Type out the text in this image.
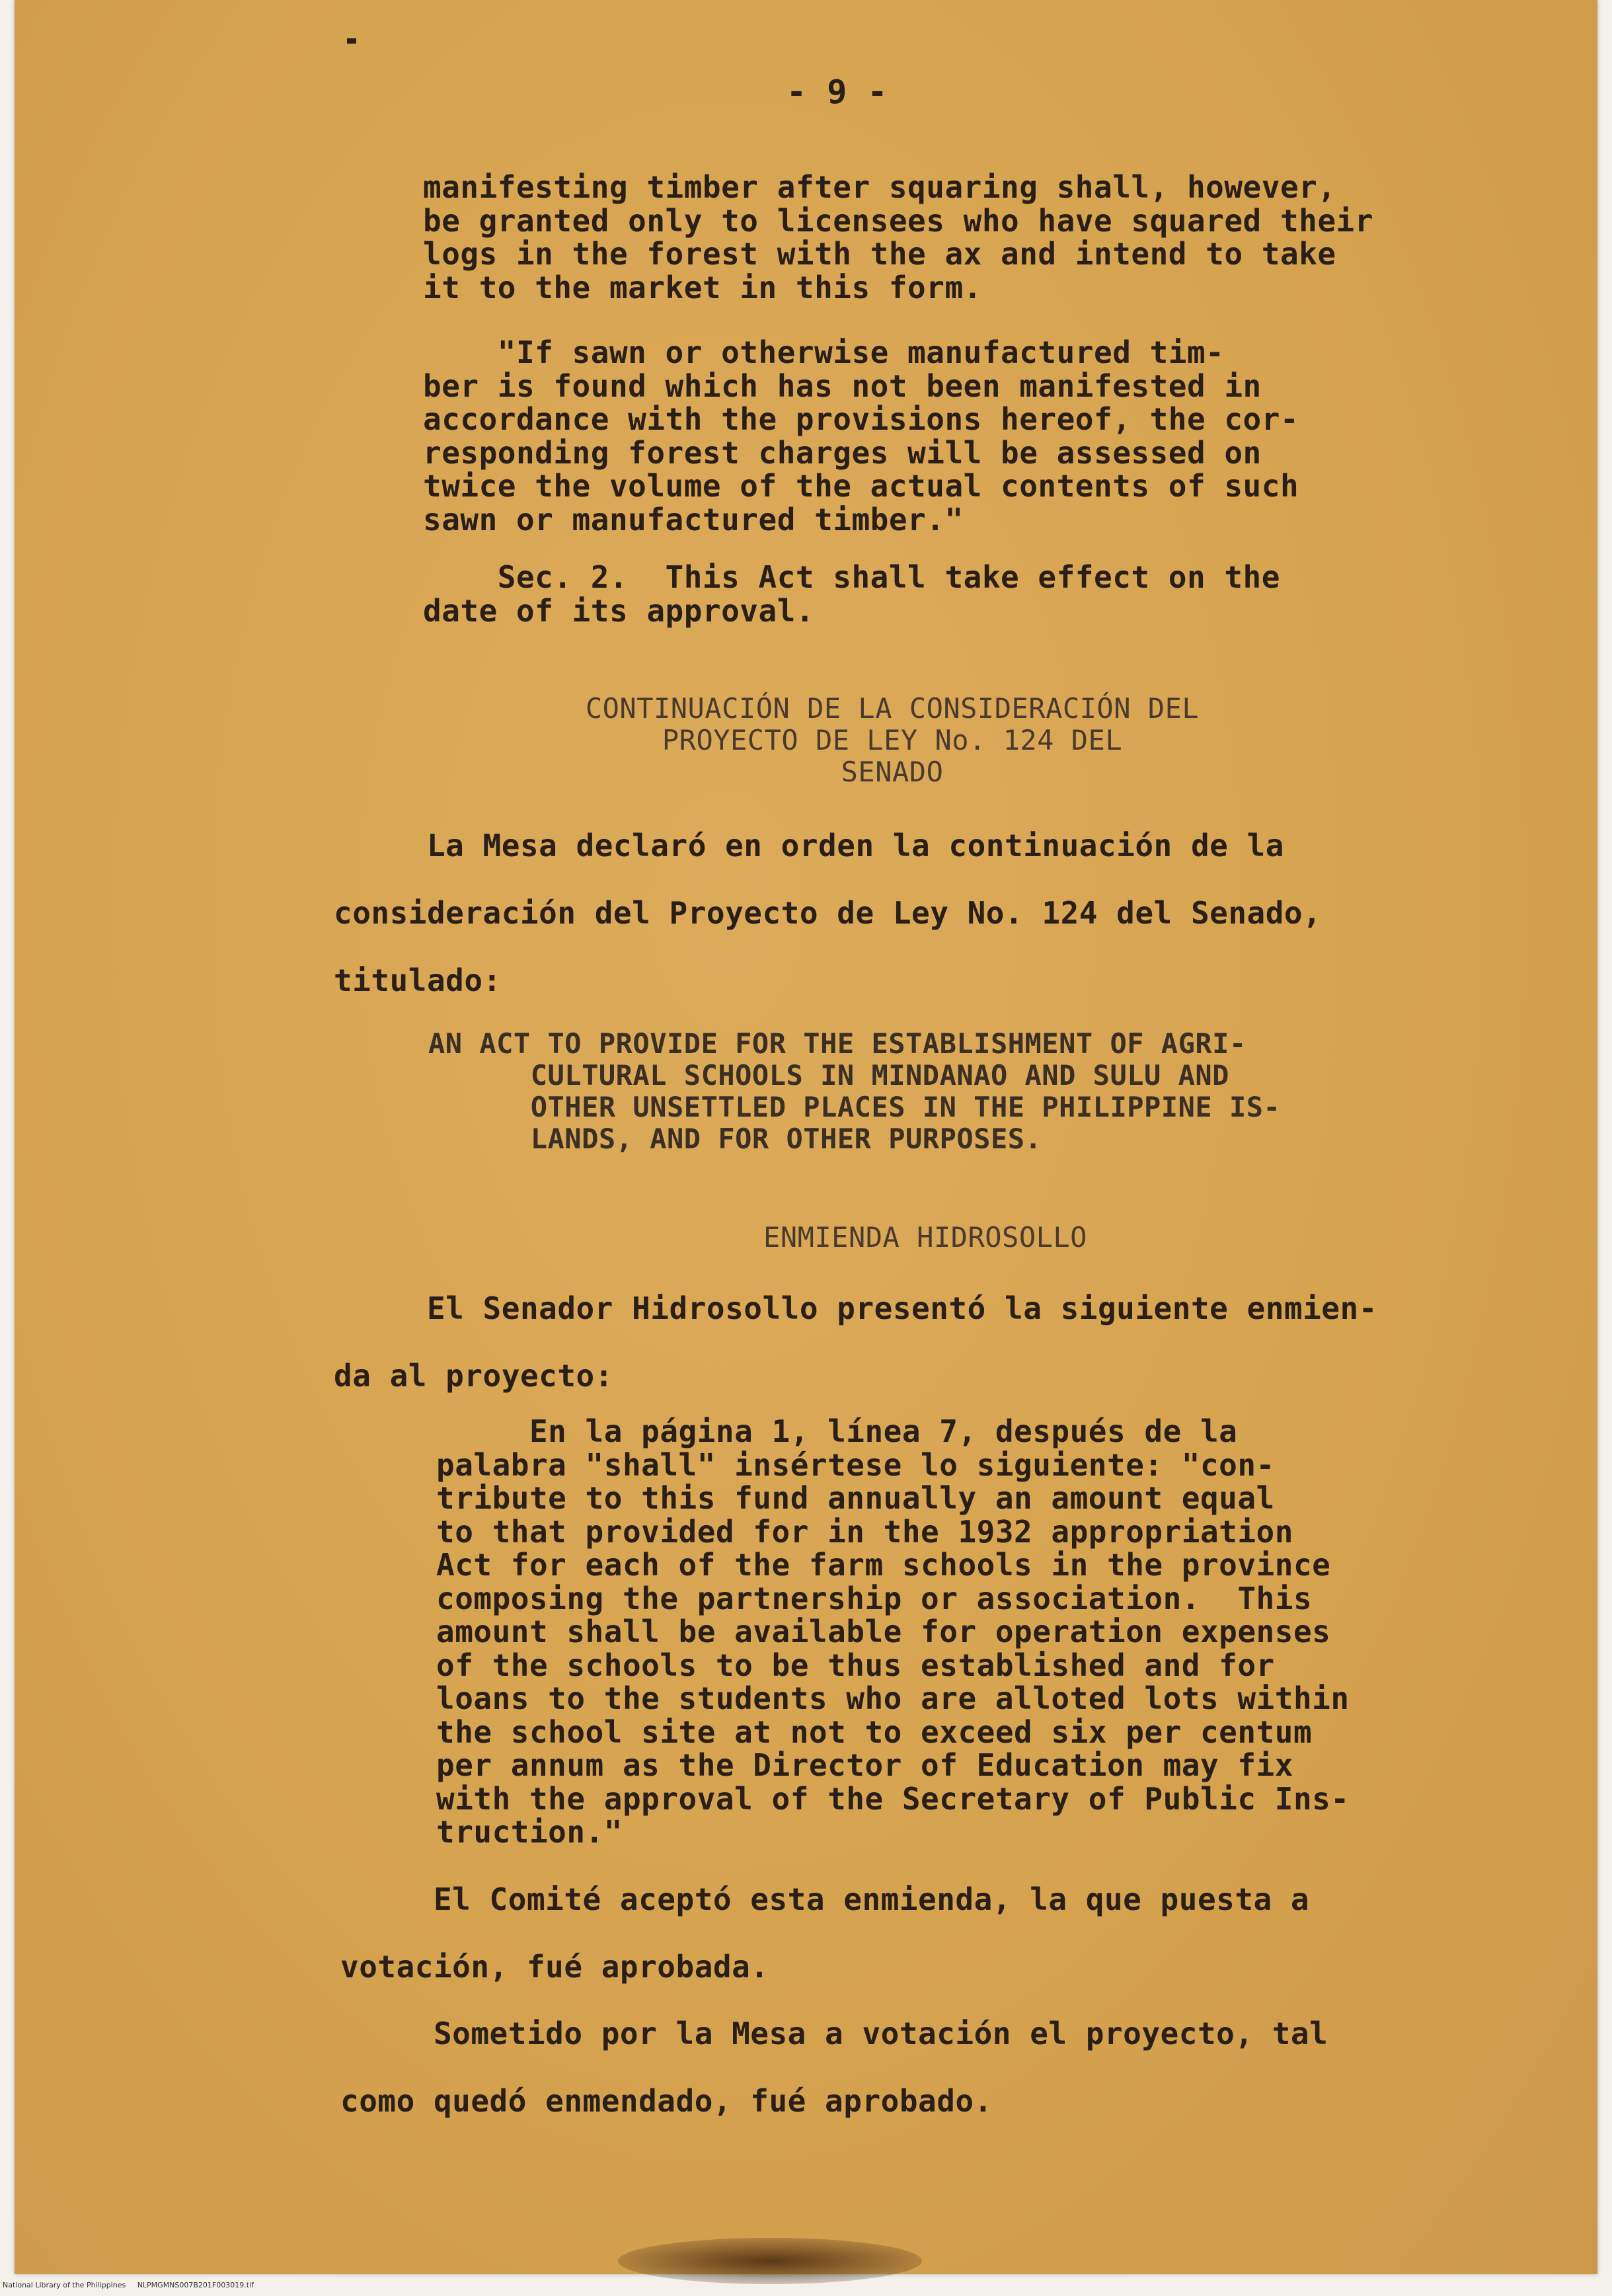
- 9 -
manifesting timber after squaring shall, however,
be granted only to licensees who have squared their
logs in the forest with the ax and intend to take
it to the market in this form.
"If sawn or otherwise manufactured tim-
ber is found which has not been manifested in
accordance with the provisions hereof, the cor-
responding forest charges will be assessed on
twice the volume of the actual contents of such
sawn or manufactured timber."
Sec. 2.  This Act shall take effect on the
date of its approval.
CONTINUACIÓN DE LA CONSIDERACIÓN DEL
PROYECTO DE LEY No. 124 DEL
SENADO
La Mesa declaró en orden la continuación de la
consideración del Proyecto de Ley No. 124 del Senado,
titulado:
AN ACT TO PROVIDE FOR THE ESTABLISHMENT OF AGRI-
CULTURAL SCHOOLS IN MINDANAO AND SULU AND
OTHER UNSETTLED PLACES IN THE PHILIPPINE IS-
LANDS, AND FOR OTHER PURPOSES.
ENMIENDA HIDROSOLLO
El Senador Hidrosollo presentó la siguiente enmien-
da al proyecto:
En la página 1, línea 7, después de la
palabra "shall" insértese lo siguiente: "con-
tribute to this fund annually an amount equal
to that provided for in the 1932 appropriation
Act for each of the farm schools in the province
composing the partnership or association.  This
amount shall be available for operation expenses
of the schools to be thus established and for
loans to the students who are alloted lots within
the school site at not to exceed six per centum
per annum as the Director of Education may fix
with the approval of the Secretary of Public Ins-
truction."
El Comité aceptó esta enmienda, la que puesta a
votación, fué aprobada.
Sometido por la Mesa a votación el proyecto, tal
como quedó enmendado, fué aprobado.
National Library of the Philippines     NLPMGMNS007B201F003019.tif
